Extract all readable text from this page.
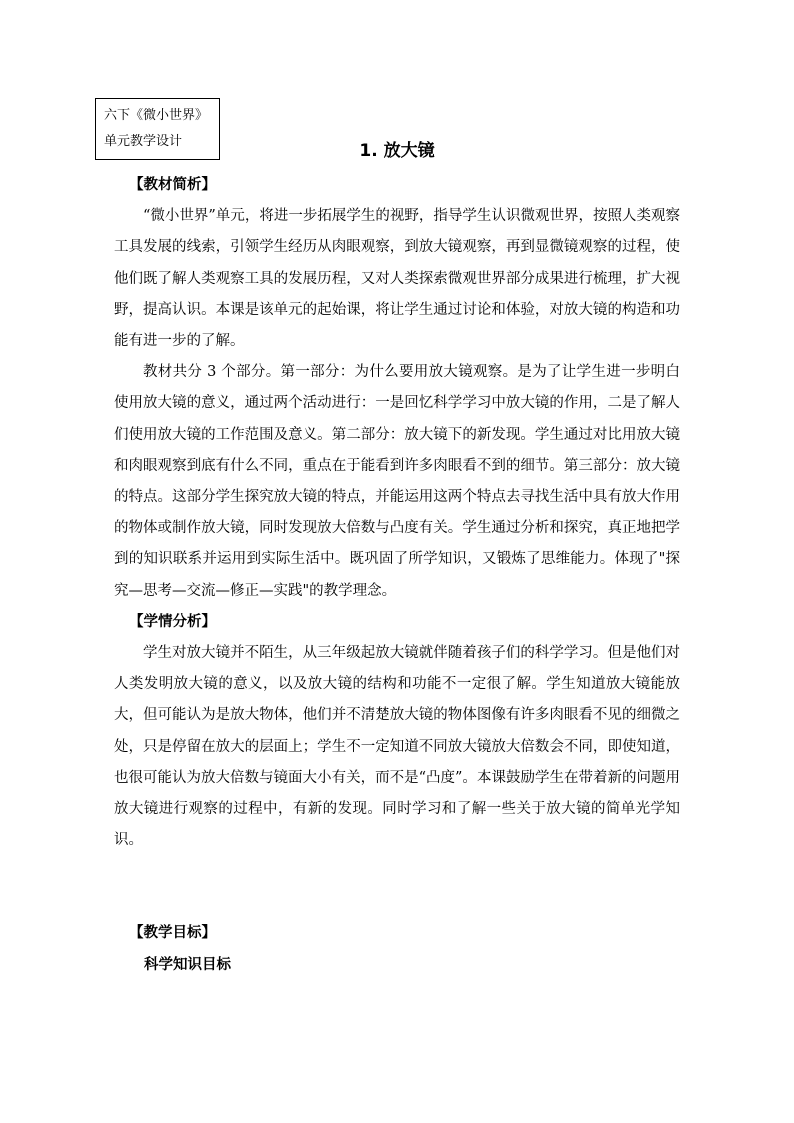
六下《微小世界》
单元教学设计	1. 放大镜
【教材简析】

“微小世界”单元，将进一步拓展学生的视野，指导学生认识微观世界，按照人类观察工具发展的线索，引领学生经历从肉眼观察，到放大镜观察，再到显微镜观察的过程，使他们既了解人类观察工具的发展历程，又对人类探索微观世界部分成果进行梳理，扩大视野，提高认识。本课是该单元的起始课，将让学生通过讨论和体验，对放大镜的构造和功能有进一步的了解。

教材共分 3 个部分。第一部分：为什么要用放大镜观察。是为了让学生进一步明白使用放大镜的意义，通过两个活动进行：一是回忆科学学习中放大镜的作用，二是了解人们使用放大镜的工作范围及意义。第二部分：放大镜下的新发现。学生通过对比用放大镜和肉眼观察到底有什么不同，重点在于能看到许多肉眼看不到的细节。第三部分：放大镜的特点。这部分学生探究放大镜的特点，并能运用这两个特点去寻找生活中具有放大作用的物体或制作放大镜，同时发现放大倍数与凸度有关。学生通过分析和探究，真正地把学到的知识联系并运用到实际生活中。既巩固了所学知识，又锻炼了思维能力。体现了"探究—思考—交流—修正—实践"的教学理念。

【学情分析】

学生对放大镜并不陌生，从三年级起放大镜就伴随着孩子们的科学学习。但是他们对人类发明放大镜的意义，以及放大镜的结构和功能不一定很了解。学生知道放大镜能放大，但可能认为是放大物体，他们并不清楚放大镜的物体图像有许多肉眼看不见的细微之处，只是停留在放大的层面上；学生不一定知道不同放大镜放大倍数会不同，即使知道，也很可能认为放大倍数与镜面大小有关，而不是“凸度”。本课鼓励学生在带着新的问题用放大镜进行观察的过程中，有新的发现。同时学习和了解一些关于放大镜的简单光学知识。

【教学目标】
科学知识目标
